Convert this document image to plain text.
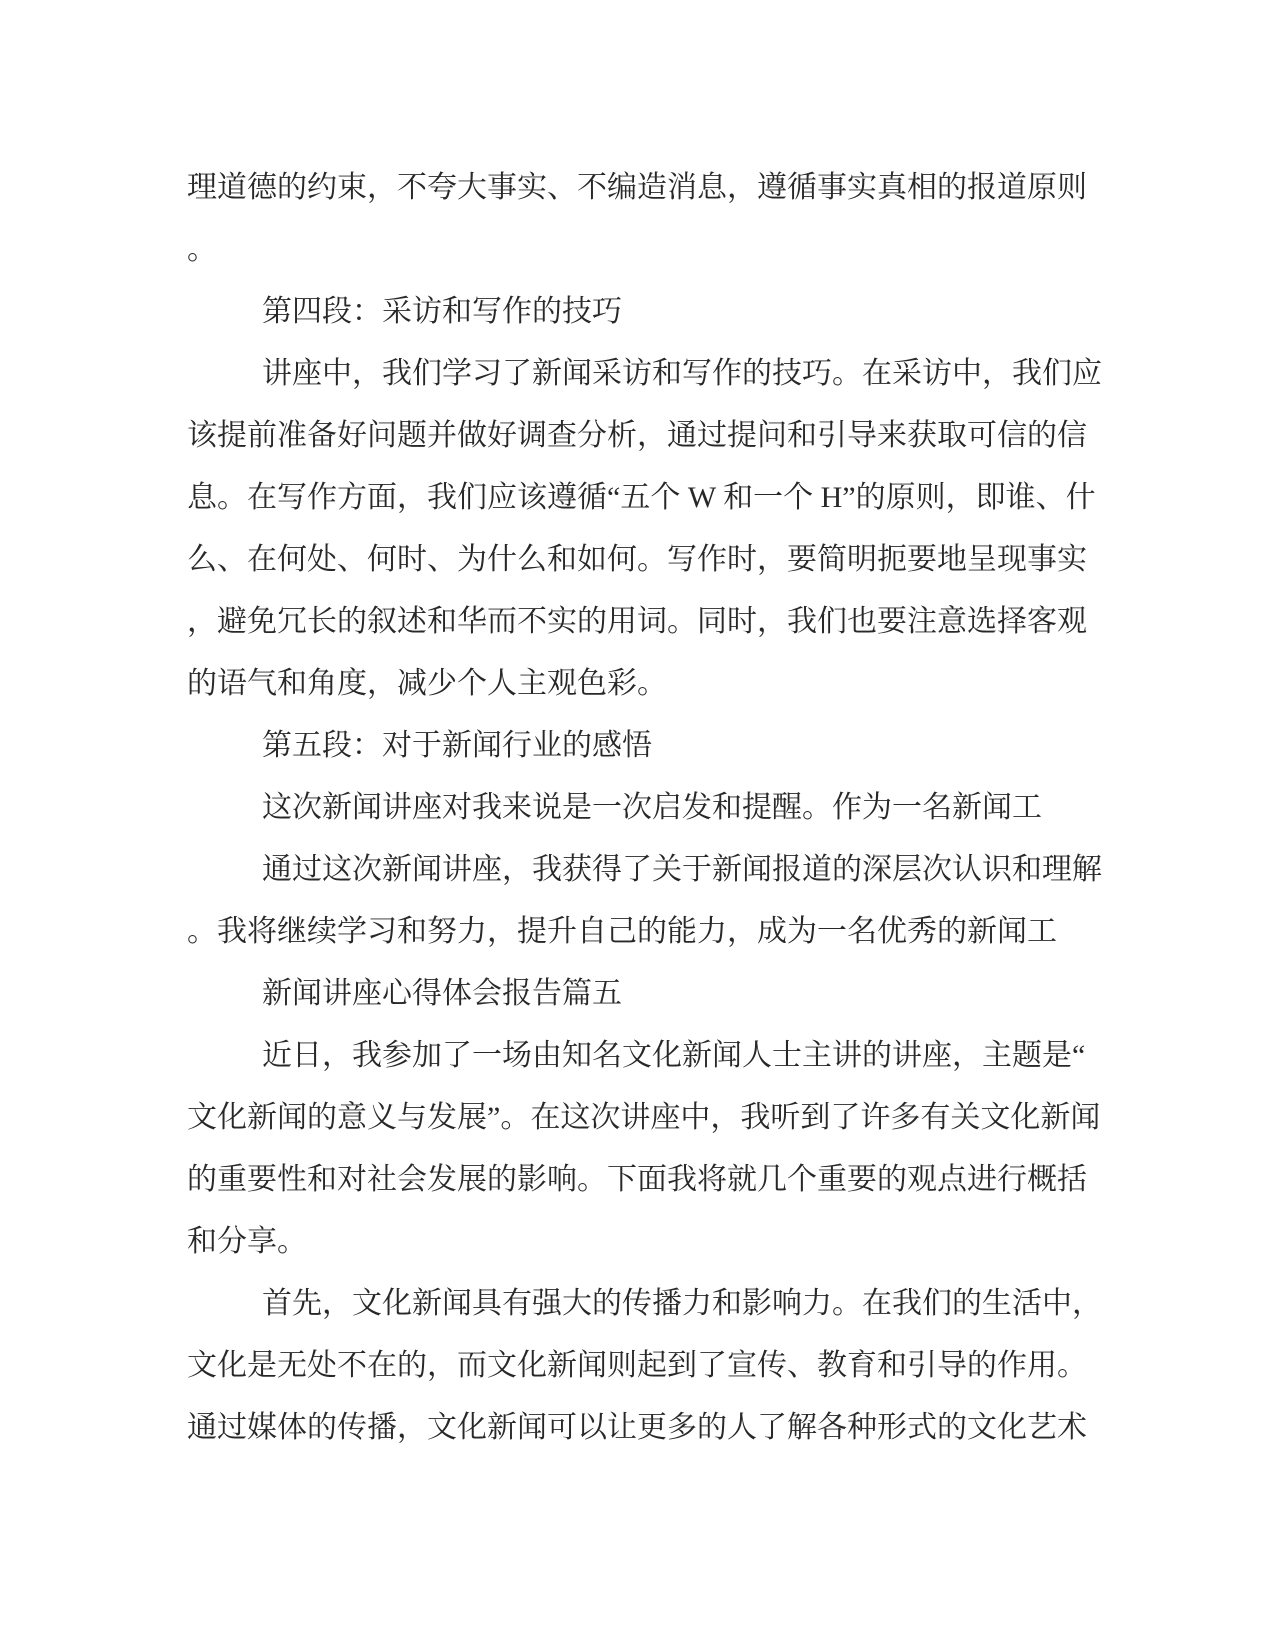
理道德的约束，不夸大事实、不编造消息，遵循事实真相的报道原则
。
第四段：采访和写作的技巧
讲座中，我们学习了新闻采访和写作的技巧。在采访中，我们应
该提前准备好问题并做好调查分析，通过提问和引导来获取可信的信
息。在写作方面，我们应该遵循“五个 W 和一个 H”的原则，即谁、什
么、在何处、何时、为什么和如何。写作时，要简明扼要地呈现事实
，避免冗长的叙述和华而不实的用词。同时，我们也要注意选择客观
的语气和角度，减少个人主观色彩。
第五段：对于新闻行业的感悟
这次新闻讲座对我来说是一次启发和提醒。作为一名新闻工
通过这次新闻讲座，我获得了关于新闻报道的深层次认识和理解
。我将继续学习和努力，提升自己的能力，成为一名优秀的新闻工
新闻讲座心得体会报告篇五
近日，我参加了一场由知名文化新闻人士主讲的讲座，主题是“
文化新闻的意义与发展”。在这次讲座中，我听到了许多有关文化新闻
的重要性和对社会发展的影响。下面我将就几个重要的观点进行概括
和分享。
首先，文化新闻具有强大的传播力和影响力。在我们的生活中，
文化是无处不在的，而文化新闻则起到了宣传、教育和引导的作用。
通过媒体的传播，文化新闻可以让更多的人了解各种形式的文化艺术
